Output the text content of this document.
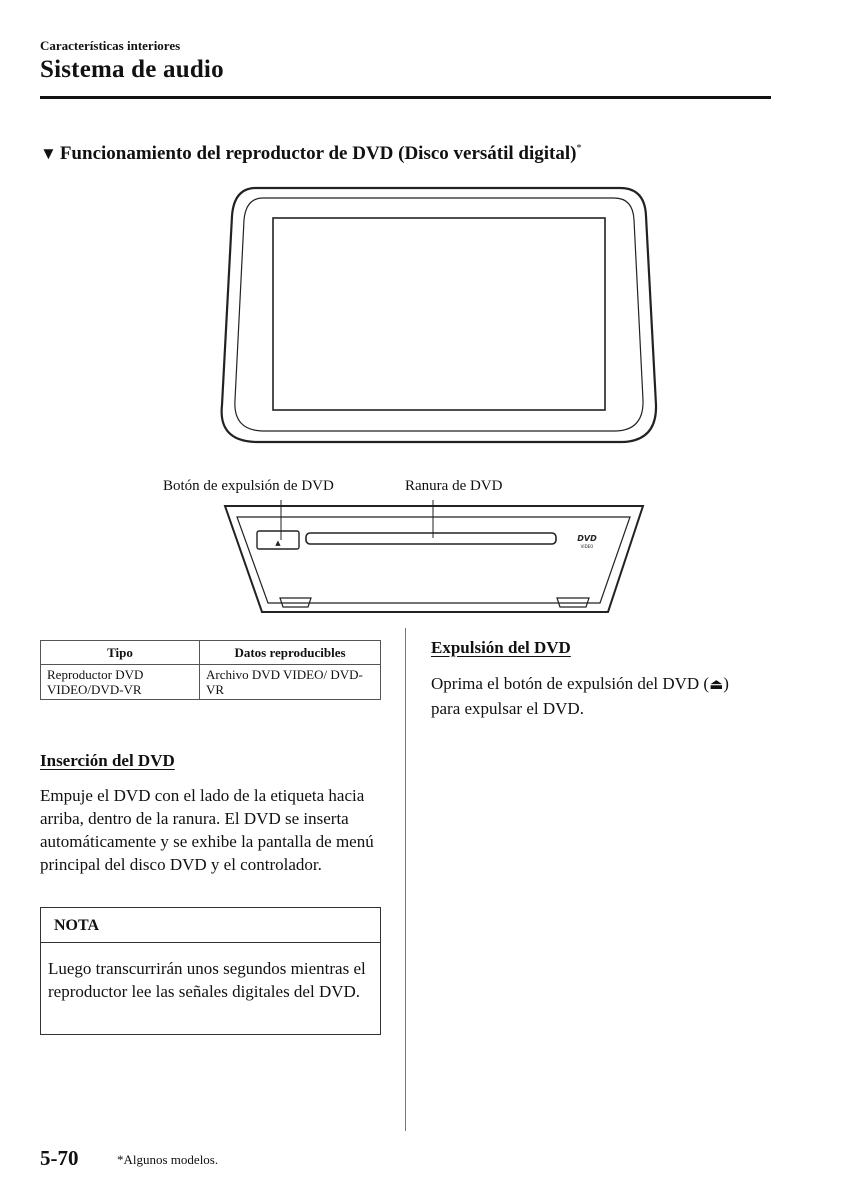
Características interiores
Sistema de audio
▼ Funcionamiento del reproductor de DVD (Disco versátil digital)*
▲	DVD
VIDEO
Botón de expulsión de DVD	Ranura de DVD
Tipo	Datos reproducibles
Reproductor DVD VIDEO/DVD-VR	Archivo DVD VIDEO/ DVD-VR
Inserción del DVD
Empuje el DVD con el lado de la etiqueta hacia arriba, dentro de la ranura. El DVD se inserta automáticamente y se exhibe la pantalla de menú principal del disco DVD y el controlador.
NOTA
Luego transcurrirán unos segundos mientras el reproductor lee las señales digitales del DVD.
Expulsión del DVD
Oprima el botón de expulsión del DVD (⏏) para expulsar el DVD.
5-70	*Algunos modelos.
